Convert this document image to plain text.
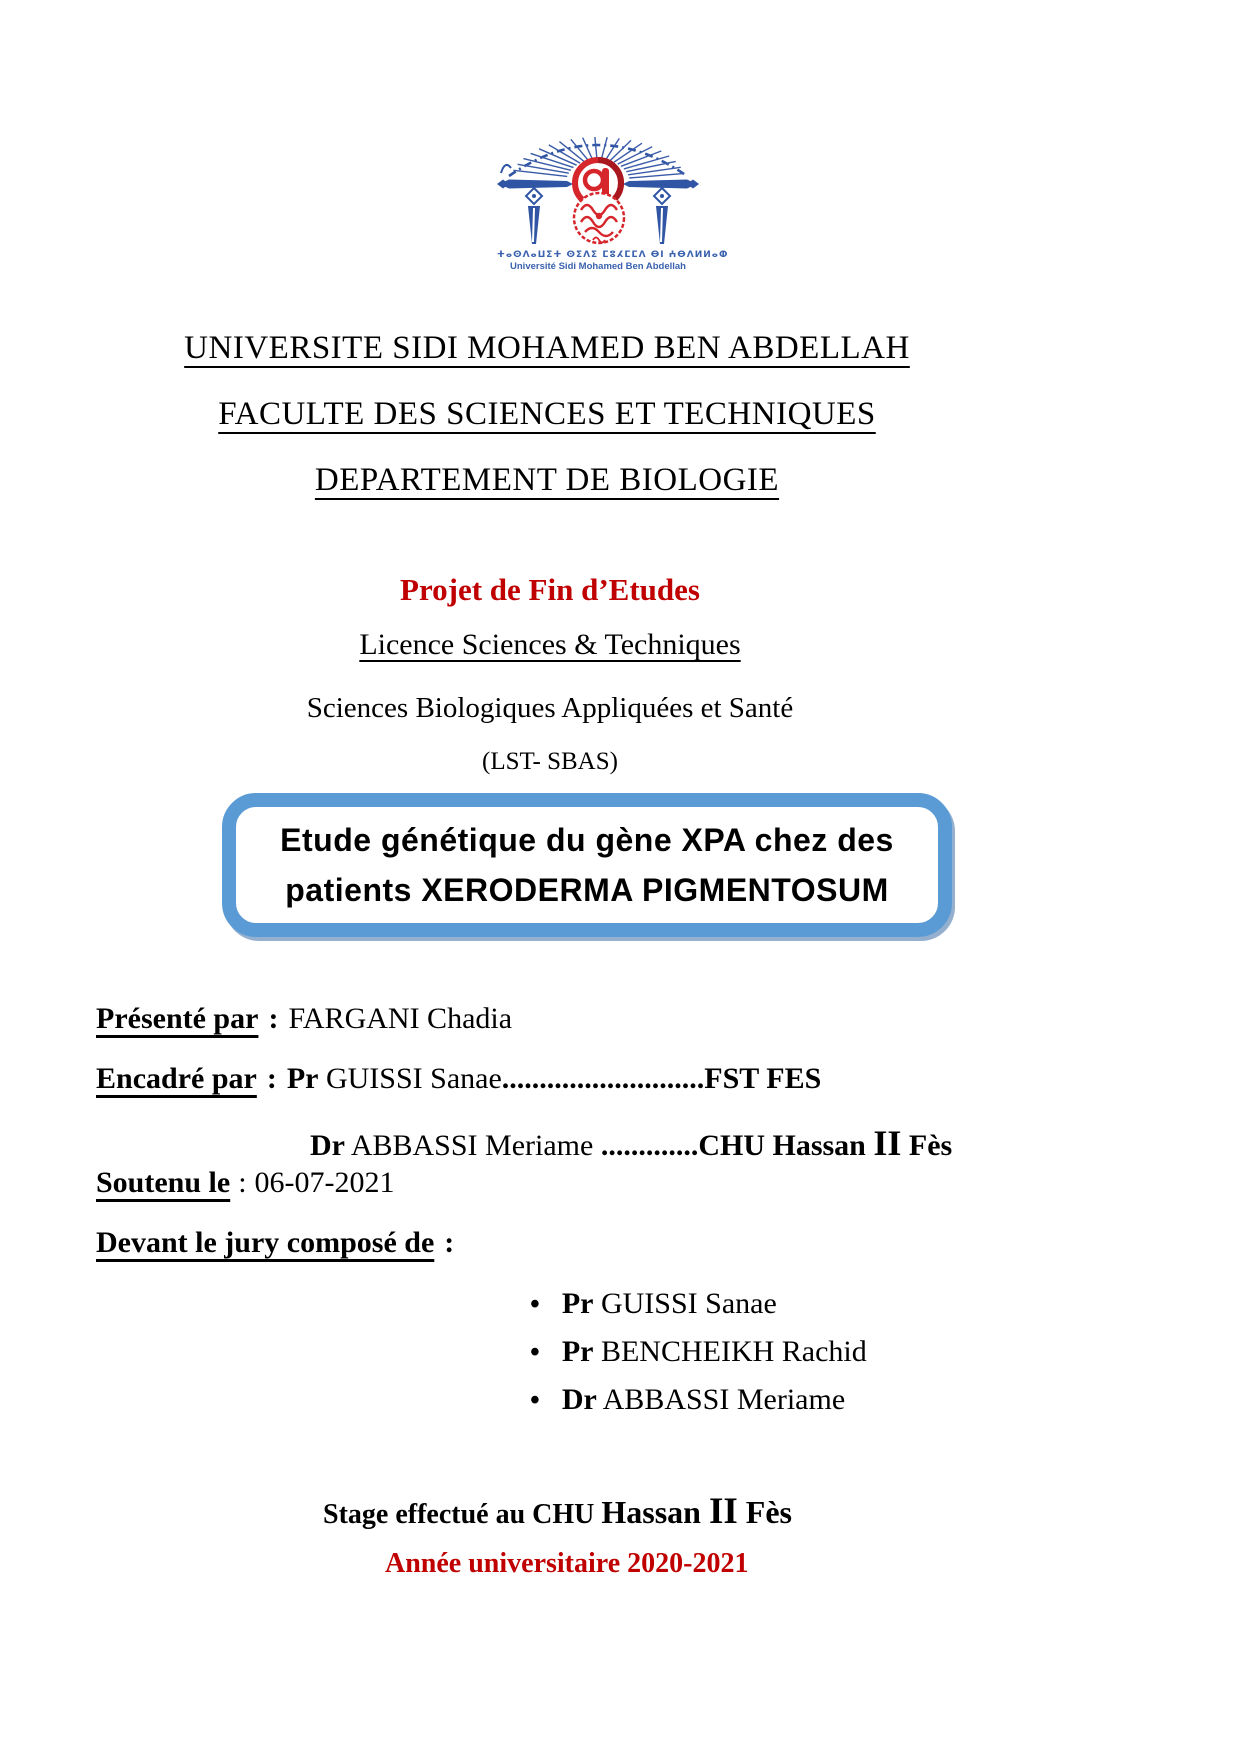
ⵜⴰⵙⴷⴰⵡⵉⵜ ⵙⵉⴷⵉ ⵎⵓⵃⵎⵎⴷ ⴱⵏ ⵄⴱⴷⵍⵍⴰⵀ
Université Sidi Mohamed Ben Abdellah
UNIVERSITE SIDI MOHAMED BEN ABDELLAH
FACULTE DES SCIENCES ET TECHNIQUES
DEPARTEMENT DE BIOLOGIE
Projet de Fin d’Etudes
Licence Sciences & Techniques
Sciences Biologiques Appliquées et Santé
(LST- SBAS)
Etude génétique du gène XPA chez des
patients XERODERMA PIGMENTOSUM
Présenté par : FARGANI Chadia
Encadré par : Pr GUISSI Sanae...........................FST FES
Dr ABBASSI Meriame .............CHU Hassan II Fès
Soutenu le : 06-07-2021
Devant le jury composé de :
• Pr GUISSI Sanae
• Pr BENCHEIKH Rachid
• Dr ABBASSI Meriame
Stage effectué au CHU Hassan II Fès
Année universitaire 2020-2021
